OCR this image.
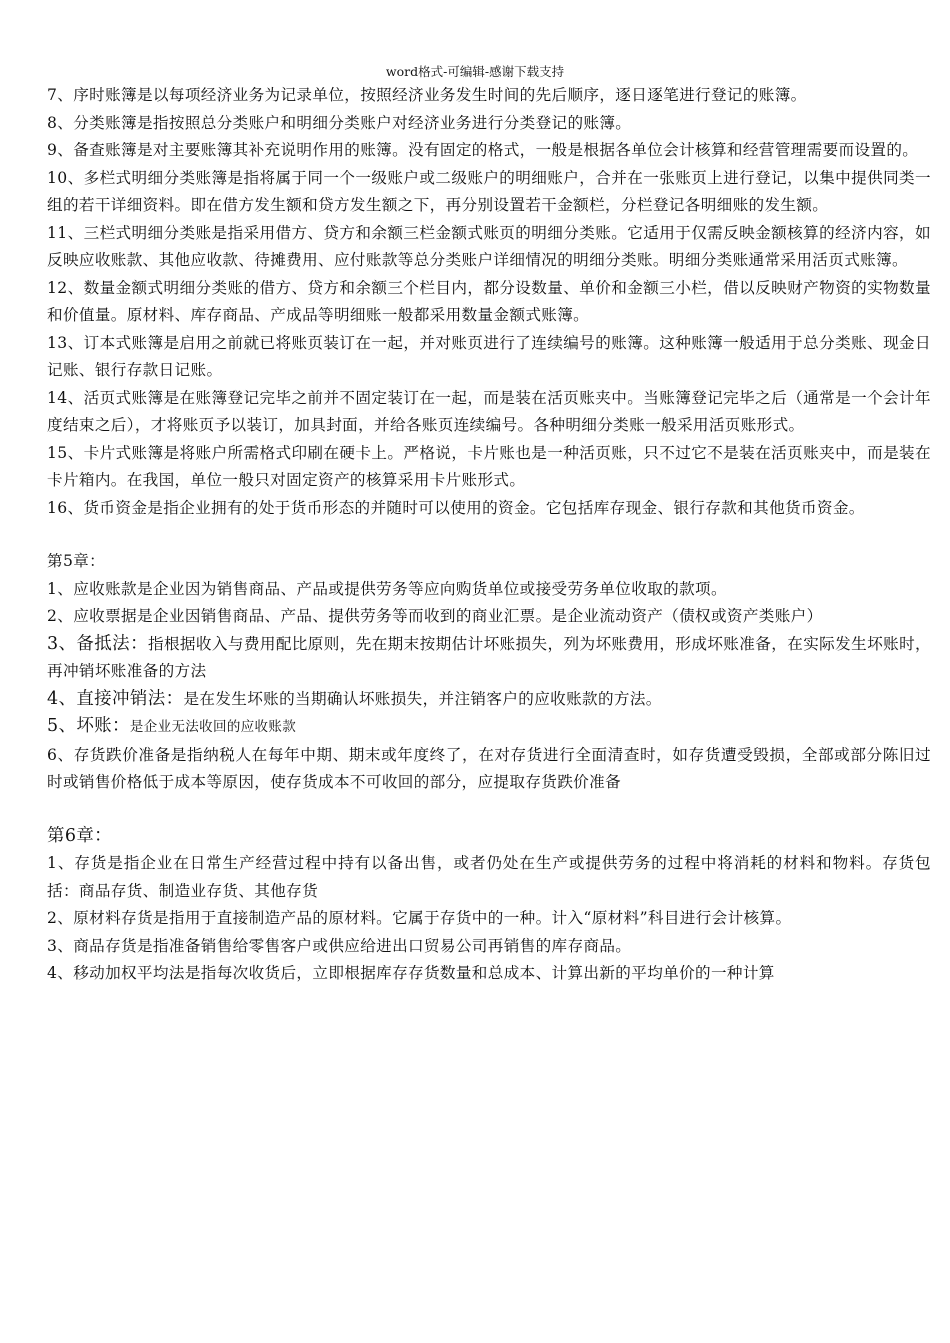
word格式-可编辑-感谢下载支持

7、序时账簿是以每项经济业务为记录单位，按照经济业务发生时间的先后顺序，逐日逐笔进行登记的账簿。

8、分类账簿是指按照总分类账户和明细分类账户对经济业务进行分类登记的账簿。

9、备查账簿是对主要账簿其补充说明作用的账簿。没有固定的格式，一般是根据各单位会计核算和经营管理需要而设置的。

10、多栏式明细分类账簿是指将属于同一个一级账户或二级账户的明细账户，合并在一张账页上进行登记，以集中提供同类一组的若干详细资料。即在借方发生额和贷方发生额之下，再分别设置若干金额栏，分栏登记各明细账的发生额。

11、三栏式明细分类账是指采用借方、贷方和余额三栏金额式账页的明细分类账。它适用于仅需反映金额核算的经济内容，如反映应收账款、其他应收款、待摊费用、应付账款等总分类账户详细情况的明细分类账。明细分类账通常采用活页式账簿。

12、数量金额式明细分类账的借方、贷方和余额三个栏目内，都分设数量、单价和金额三小栏，借以反映财产物资的实物数量和价值量。原材料、库存商品、产成品等明细账一般都采用数量金额式账簿。

13、订本式账簿是启用之前就已将账页装订在一起，并对账页进行了连续编号的账簿。这种账簿一般适用于总分类账、现金日记账、银行存款日记账。

14、活页式账簿是在账簿登记完毕之前并不固定装订在一起，而是装在活页账夹中。当账簿登记完毕之后（通常是一个会计年度结束之后），才将账页予以装订，加具封面，并给各账页连续编号。各种明细分类账一般采用活页账形式。

15、卡片式账簿是将账户所需格式印刷在硬卡上。严格说，卡片账也是一种活页账，只不过它不是装在活页账夹中，而是装在卡片箱内。在我国，单位一般只对固定资产的核算采用卡片账形式。

16、货币资金是指企业拥有的处于货币形态的并随时可以使用的资金。它包括库存现金、银行存款和其他货币资金。

第5章：

1、应收账款是企业因为销售商品、产品或提供劳务等应向购货单位或接受劳务单位收取的款项。

2、应收票据是企业因销售商品、产品、提供劳务等而收到的商业汇票。是企业流动资产（债权或资产类账户）

3、备抵法：指根据收入与费用配比原则，先在期末按期估计坏账损失，列为坏账费用，形成坏账准备，在实际发生坏账时，再冲销坏账准备的方法

4、直接冲销法：是在发生坏账的当期确认坏账损失，并注销客户的应收账款的方法。

5、坏账：是企业无法收回的应收账款

6、存货跌价准备是指纳税人在每年中期、期末或年度终了，在对存货进行全面清查时，如存货遭受毁损，全部或部分陈旧过时或销售价格低于成本等原因，使存货成本不可收回的部分，应提取存货跌价准备

第6章：

1、存货是指企业在日常生产经营过程中持有以备出售，或者仍处在生产或提供劳务的过程中将消耗的材料和物料。存货包括：商品存货、制造业存货、其他存货

2、原材料存货是指用于直接制造产品的原材料。它属于存货中的一种。计入“原材料”科目进行会计核算。

3、商品存货是指准备销售给零售客户或供应给进出口贸易公司再销售的库存商品。

4、移动加权平均法是指每次收货后，立即根据库存存货数量和总成本、计算出新的平均单价的一种计算
